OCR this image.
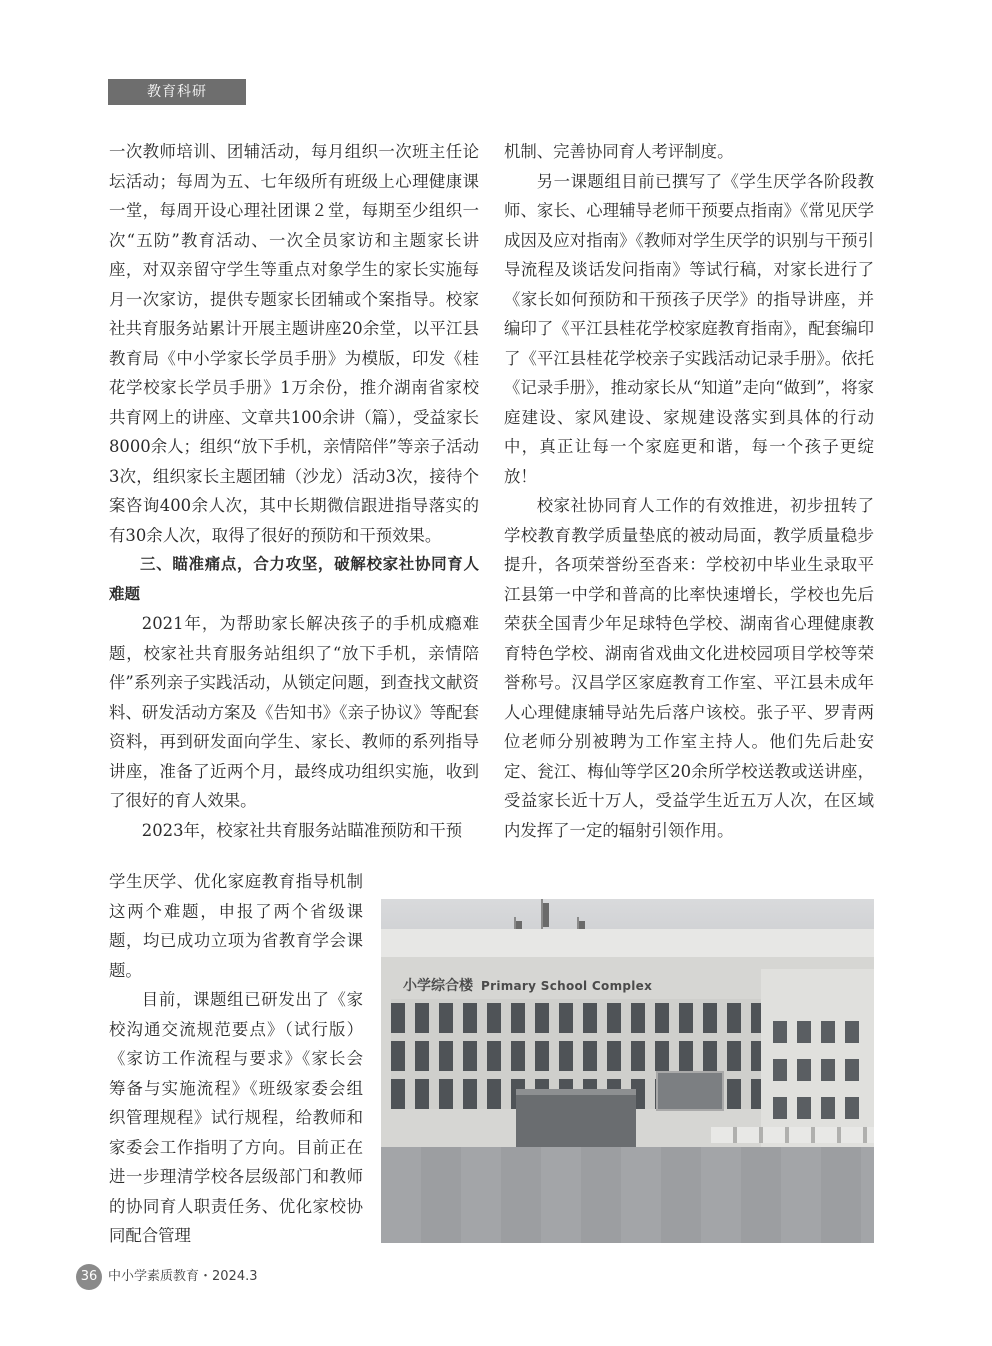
教育科研

一次教师培训、团辅活动，每月组织一次班主任论坛活动；每周为五、七年级所有班级上心理健康课一堂，每周开设心理社团课２堂，每期至少组织一次“五防”教育活动、一次全员家访和主题家长讲座，对双亲留守学生等重点对象学生的家长实施每月一次家访，提供专题家长团辅或个案指导。校家社共育服务站累计开展主题讲座20余堂，以平江县教育局《中小学家长学员手册》为模版，印发《桂花学校家长学员手册》1万余份，推介湖南省家校共育网上的讲座、文章共100余讲（篇），受益家长8000余人；组织“放下手机，亲情陪伴”等亲子活动3次，组织家长主题团辅（沙龙）活动3次，接待个案咨询400余人次，其中长期微信跟进指导落实的有30余人次，取得了很好的预防和干预效果。

三、瞄准痛点，合力攻坚，破解校家社协同育人难题

2021年，为帮助家长解决孩子的手机成瘾难题，校家社共育服务站组织了“放下手机，亲情陪伴”系列亲子实践活动，从锁定问题，到查找文献资料、研发活动方案及《告知书》《亲子协议》等配套资料，再到研发面向学生、家长、教师的系列指导讲座，准备了近两个月，最终成功组织实施，收到了很好的育人效果。

2023年，校家社共育服务站瞄准预防和干预

学生厌学、优化家庭教育指导机制这两个难题，申报了两个省级课题，均已成功立项为省教育学会课题。

目前，课题组已研发出了《家校沟通交流规范要点》（试行版）《家访工作流程与要求》《家长会筹备与实施流程》《班级家委会组织管理规程》试行规程，给教师和家委会工作指明了方向。目前正在进一步理清学校各层级部门和教师的协同育人职责任务、优化家校协同配合管理

机制、完善协同育人考评制度。

另一课题组目前已撰写了《学生厌学各阶段教师、家长、心理辅导老师干预要点指南》《常见厌学成因及应对指南》《教师对学生厌学的识别与干预引导流程及谈话发问指南》等试行稿，对家长进行了《家长如何预防和干预孩子厌学》的指导讲座，并编印了《平江县桂花学校家庭教育指南》，配套编印了《平江县桂花学校亲子实践活动记录手册》。依托《记录手册》，推动家长从“知道”走向“做到”，将家庭建设、家风建设、家规建设落实到具体的行动中，真正让每一个家庭更和谐，每一个孩子更绽放！

校家社协同育人工作的有效推进，初步扭转了学校教育教学质量垫底的被动局面，教学质量稳步提升，各项荣誉纷至沓来：学校初中毕业生录取平江县第一中学和普高的比率快速增长，学校也先后荣获全国青少年足球特色学校、湖南省心理健康教育特色学校、湖南省戏曲文化进校园项目学校等荣誉称号。汉昌学区家庭教育工作室、平江县未成年人心理健康辅导站先后落户该校。张子平、罗青两位老师分别被聘为工作室主持人。他们先后赴安定、瓮江、梅仙等学区20余所学校送教或送讲座，受益家长近十万人，受益学生近五万人次，在区域内发挥了一定的辐射引领作用。

小学综合楼 Primary School Complex
36 中小学素质教育・2024.3
